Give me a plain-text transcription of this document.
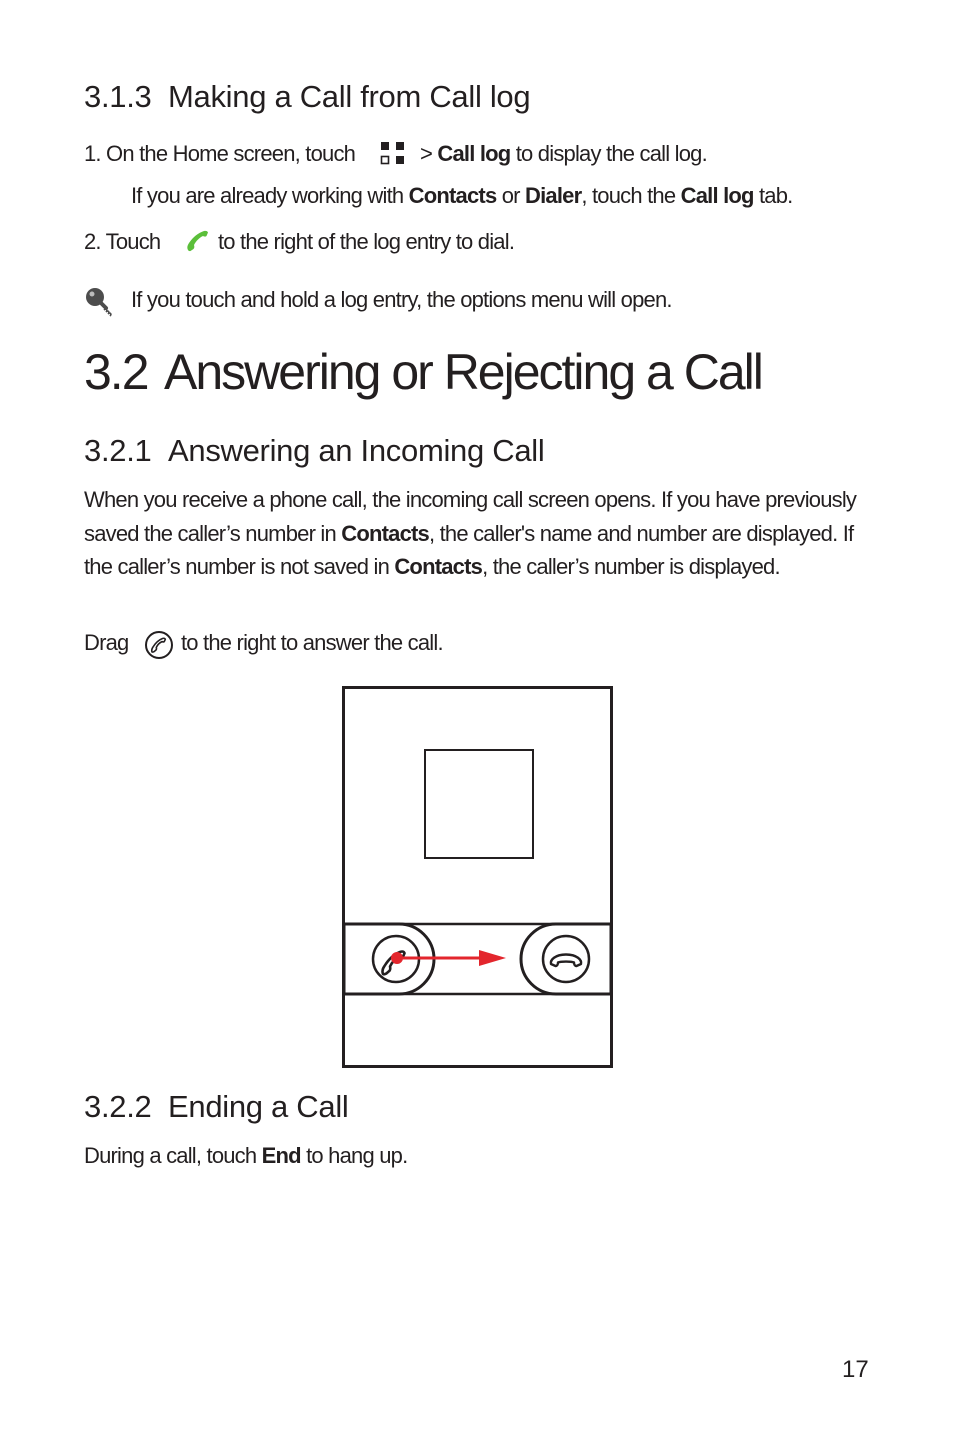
3.1.3 Making a Call from Call log
1. On the Home screen, touch	> Call log to display the call log.
If you are already working with Contacts or Dialer, touch the Call log tab.
2. Touch	to the right of the log entry to dial.
If you touch and hold a log entry, the options menu will open.
3.2 Answering or Rejecting a Call
3.2.1 Answering an Incoming Call
When you receive a phone call, the incoming call screen opens. If you have previously saved the caller’s number in Contacts, the caller's name and number are displayed. If the caller’s number is not saved in Contacts, the caller’s number is displayed.
Drag to the right to answer the call.
3.2.2 Ending a Call
During a call, touch End to hang up.
17
